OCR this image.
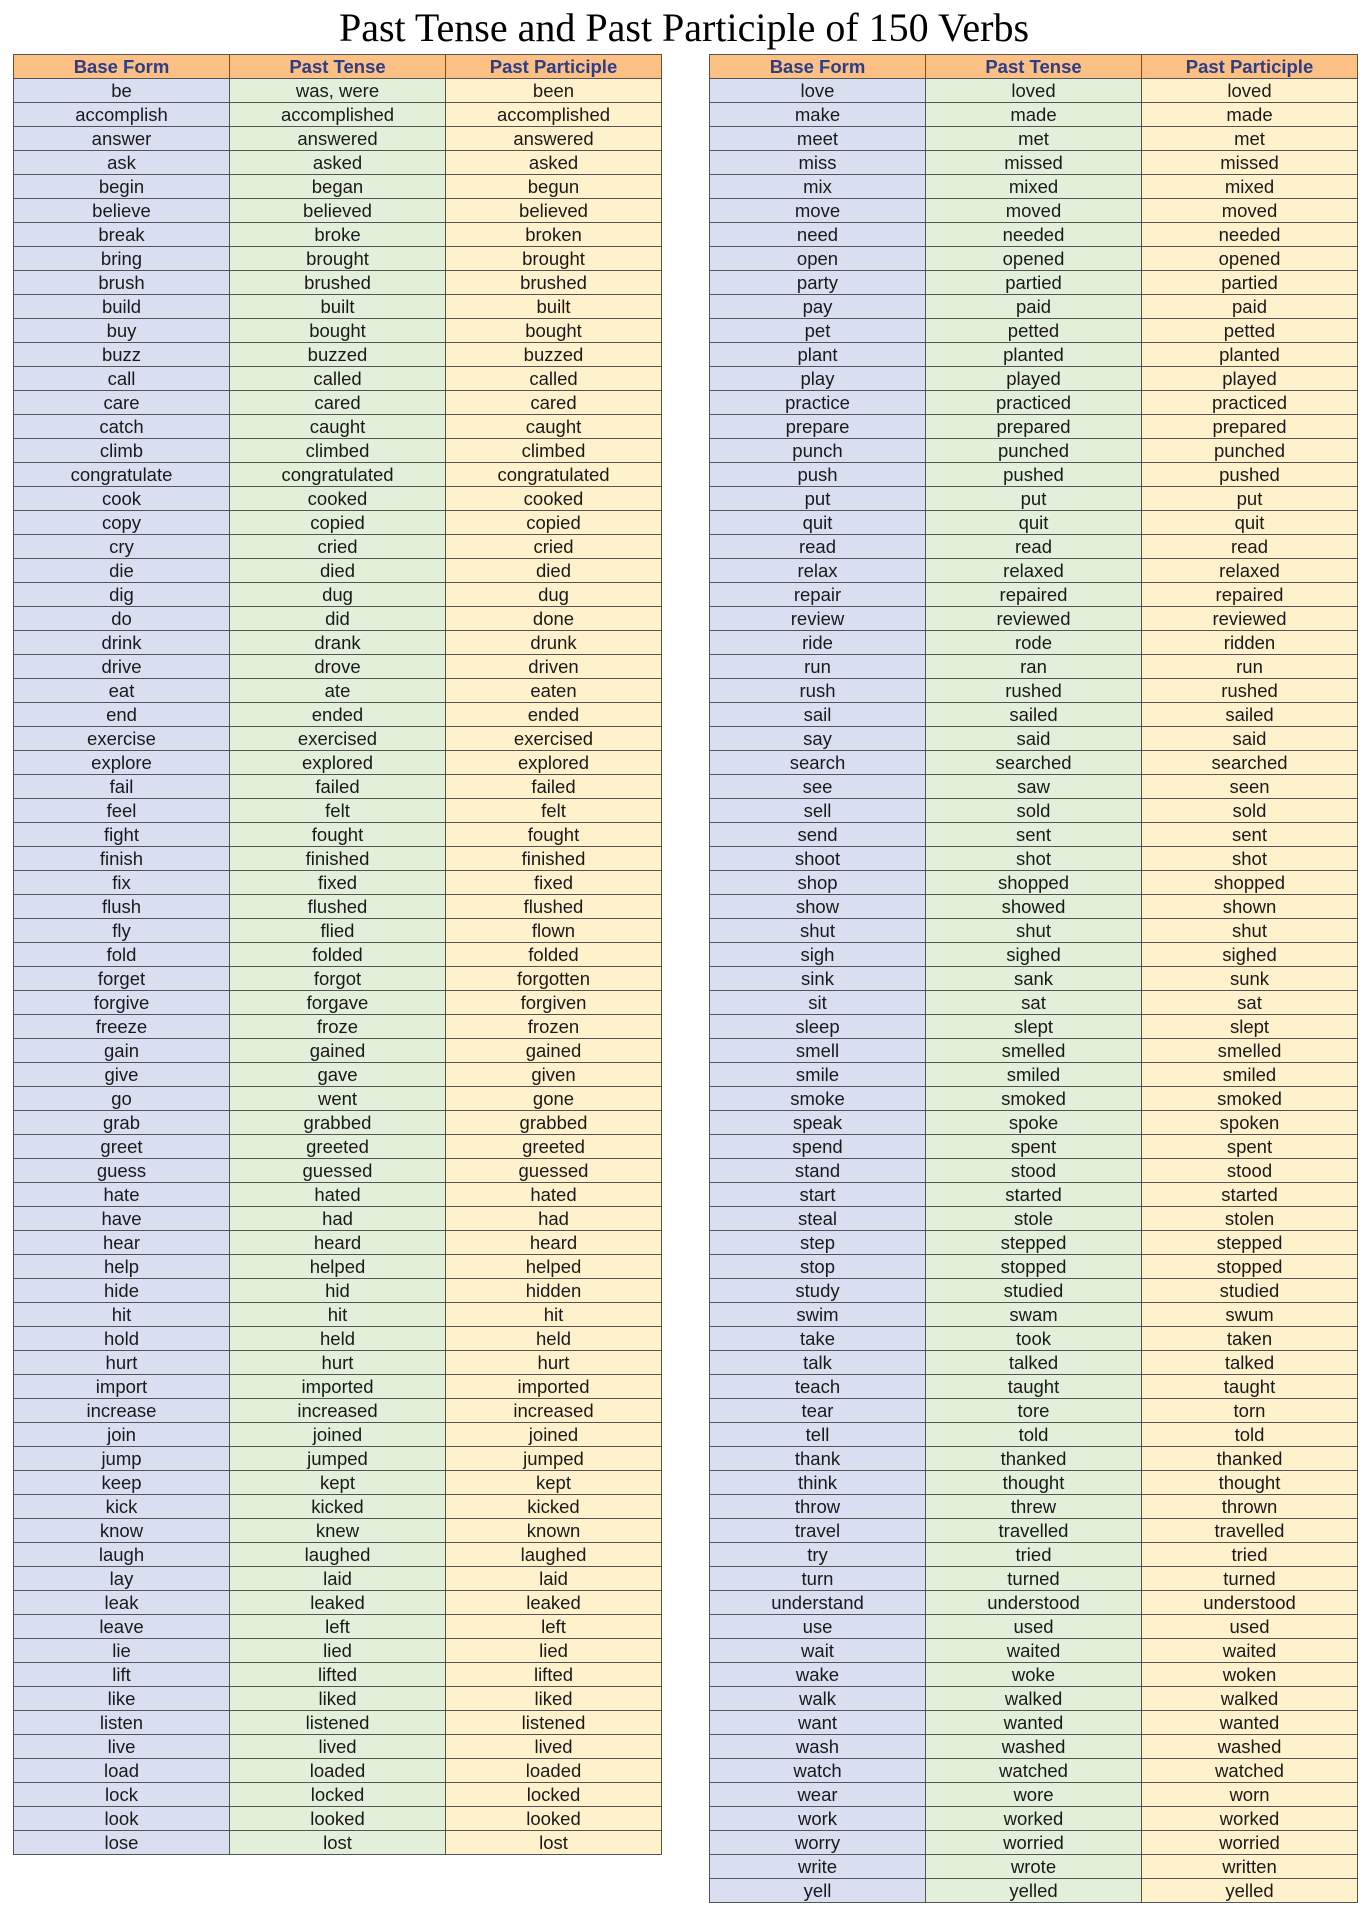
Past Tense and Past Participle of 150 Verbs
Base Form	Past Tense	Past Participle
be	was, were	been
accomplish	accomplished	accomplished
answer	answered	answered
ask	asked	asked
begin	began	begun
believe	believed	believed
break	broke	broken
bring	brought	brought
brush	brushed	brushed
build	built	built
buy	bought	bought
buzz	buzzed	buzzed
call	called	called
care	cared	cared
catch	caught	caught
climb	climbed	climbed
congratulate	congratulated	congratulated
cook	cooked	cooked
copy	copied	copied
cry	cried	cried
die	died	died
dig	dug	dug
do	did	done
drink	drank	drunk
drive	drove	driven
eat	ate	eaten
end	ended	ended
exercise	exercised	exercised
explore	explored	explored
fail	failed	failed
feel	felt	felt
fight	fought	fought
finish	finished	finished
fix	fixed	fixed
flush	flushed	flushed
fly	flied	flown
fold	folded	folded
forget	forgot	forgotten
forgive	forgave	forgiven
freeze	froze	frozen
gain	gained	gained
give	gave	given
go	went	gone
grab	grabbed	grabbed
greet	greeted	greeted
guess	guessed	guessed
hate	hated	hated
have	had	had
hear	heard	heard
help	helped	helped
hide	hid	hidden
hit	hit	hit
hold	held	held
hurt	hurt	hurt
import	imported	imported
increase	increased	increased
join	joined	joined
jump	jumped	jumped
keep	kept	kept
kick	kicked	kicked
know	knew	known
laugh	laughed	laughed
lay	laid	laid
leak	leaked	leaked
leave	left	left
lie	lied	lied
lift	lifted	lifted
like	liked	liked
listen	listened	listened
live	lived	lived
load	loaded	loaded
lock	locked	locked
look	looked	looked
lose	lost	lost
Base Form	Past Tense	Past Participle
love	loved	loved
make	made	made
meet	met	met
miss	missed	missed
mix	mixed	mixed
move	moved	moved
need	needed	needed
open	opened	opened
party	partied	partied
pay	paid	paid
pet	petted	petted
plant	planted	planted
play	played	played
practice	practiced	practiced
prepare	prepared	prepared
punch	punched	punched
push	pushed	pushed
put	put	put
quit	quit	quit
read	read	read
relax	relaxed	relaxed
repair	repaired	repaired
review	reviewed	reviewed
ride	rode	ridden
run	ran	run
rush	rushed	rushed
sail	sailed	sailed
say	said	said
search	searched	searched
see	saw	seen
sell	sold	sold
send	sent	sent
shoot	shot	shot
shop	shopped	shopped
show	showed	shown
shut	shut	shut
sigh	sighed	sighed
sink	sank	sunk
sit	sat	sat
sleep	slept	slept
smell	smelled	smelled
smile	smiled	smiled
smoke	smoked	smoked
speak	spoke	spoken
spend	spent	spent
stand	stood	stood
start	started	started
steal	stole	stolen
step	stepped	stepped
stop	stopped	stopped
study	studied	studied
swim	swam	swum
take	took	taken
talk	talked	talked
teach	taught	taught
tear	tore	torn
tell	told	told
thank	thanked	thanked
think	thought	thought
throw	threw	thrown
travel	travelled	travelled
try	tried	tried
turn	turned	turned
understand	understood	understood
use	used	used
wait	waited	waited
wake	woke	woken
walk	walked	walked
want	wanted	wanted
wash	washed	washed
watch	watched	watched
wear	wore	worn
work	worked	worked
worry	worried	worried
write	wrote	written
yell	yelled	yelled
